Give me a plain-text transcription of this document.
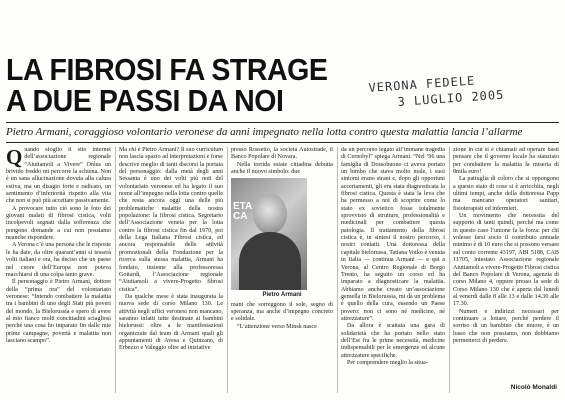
LA FIBROSI FA STRAGE
A DUE PASSI DA NOI	VERONA FEDELE
3 LUGLIO 2005
Pietro Armani, coraggioso volontario veronese da anni impegnato nella lotta contro questa malattia lancia l’allarme

Quando sfoglio il sito internet dell’associazione regionale “Aiutiamoli a Vivere” Onlus un brivido freddo mi percorre la schiena. Non è un sana allucinazione dovuta alla calura estiva, ma un disagio forte e radicato, un sentimento d’inferiorità rispetto alla vita che non si può più accettare passivamente.

A provocare tutto ciò sono le foto dei giovani malati di fibrosi cistica, volti incolpevoli segnati dalla sofferenza che pongono domande a cui non possiamo neanche rispondere.

A Verona c’è una persona che le risposte le ha date, da oltre quarant’anni si tesserà volti italiani e ora, ha deciso che un paese nel cuore dell’Europa non poteva macchiarsi di una colpa tanto grave.

Il personaggio è Pietro Armani, dottore della “prima ora” del volontariato veronese: “Intendo combattere la malattia tra i bambini di uno degli Stati più poveri del mondo, la Bielorussia e spero di avere al mio fianco molti concittadini sciagliosi perché una cosa ho imparato fin dalle mie prime campagne, povertà e malattia non lasciano scampo”.

Ma chi è Pietro Armani? Il suo curriculum non lascia spazio ad interpretazioni e forse descrive meglio di tanti discorsi la portata del personaggio: dalla metà degli anni Sessanta è uno dei volti più noti del volontariato veronese ed ha legato il suo nome all’impegno nella lotta contro quelle che resta ancora oggi una delle più problematiche malattie della nostra popolazione: la fibrosi cistica. Segretario dell’Associazione veneta per la lotta contro la fibrosi cistica fin dal 1970, poi della Lega Italiana Fibrosi cistica, ed ancora responsabile delle attività promozionali della Fondazione per la ricerca sulla stessa malattia, Armani ha fondato, insieme alla professoressa Gottardi, l’Associazione regionale “Aiutiamoli a vivere-Progetto fibrosi cistica”.

Da qualche mese è stata inaugurata la nuova sede di corso Milano 130. Le attività negli uffici veronesi non mancano, saranno infatti tutte destinate ai bambini bielorussi: oltre a le manifestazioni organizzate dal team di Armani quali gli appuntamenti di Avesa e Quinzano, di Erbezzo e Valeggio oltre ad iniziative

presso Rossetto, la società Autostrade, il Banco Popolare di Novara.

Nella torrida estate cittadina debutta anche il nuovo simbolo: due

ETA
CA
Pietro Armani

mani che sorreggono il sole, segno di speranza, ma anche d’impegno concreto e solidale.

“L’attenzione verso Minsk nasce

da un percorso legato all’immane tragedia di Cernobyl” spiega Armani. “Nel ’96 una famiglia di Dossobuono ci aveva portato un bimbo che stava molto male, i suoi sintomi erano strani e, dopo gli opportuni accertamenti, gli era stata diagnosticata la fibrosi cistica. Questa è stata la leva che ha permesso a noi di scoprire come lo stato ex sovietico fosse totalmente sprovvisto di strutture, professionalità e medicinali per combattere questa patologia. Il trattamento della fibrosi cistica è, in sintesi il nostro percorso, i nostri contatti. Una dottoressa della capitale bielorussa, Tatiana Votko è venuta in Italia — continua Armani — e qui a Verona, al Centro Regionale di Borgo Trento, ha seguito un corso ed ha imparato a diagnosticare la malattia. Abbiamo anche creato un’associazione gemella in Bielorussia, mi dà un problema è quello della cura, essendo un Paese povero: non ci sono né medicine, né attrezzature”.

Da allora è scattata una gara di solidarietà che ha portato nello stato dell’Est fra le prime necessità, medicine indispensabili per le emergenze ed alcune attrezzature specifiche.

Per comprendere meglio la situa-

zione in cui si è chiamati ad operare basti pensare che il governo locale ha stanziato per combattere la malattia la miseria di 8mila euro!

La pattuglia di coloro che si oppongono a questo stato di cose si è arricchita, negli ultimi tempi, anche della dottoressa Papp ma mancano operatori sanitari, fisioterapisti ed infermieri.

Un movimento che necessita del supporto di tanti quindi, perché ma come in questo caso l’unione fa la forza: per chi volesse farsi socio il contributo annuale minimo è di 10 euro che si possono versare sul conto corrente 43197, ABI 5188, CAB 11705, intestato Associazione regionale Aiutiamoli a vivere-Progetto Fibrosi cistica del Banco Popolare di Verona, agenzia di corso Milano 4, oppure presso la sede di Corso Milano 130 che è aperta dal lunedì al venerdì dalle 8 alle 13 e dalle 14.30 alle 17.30.

Numeri e indirizzi necessari per continuare a lottare, perché perdere il sorriso di un bambino che muore, è un lusso che non possiamo, non dobbiamo permetterci di perdere.

Nicolò Monaldi
